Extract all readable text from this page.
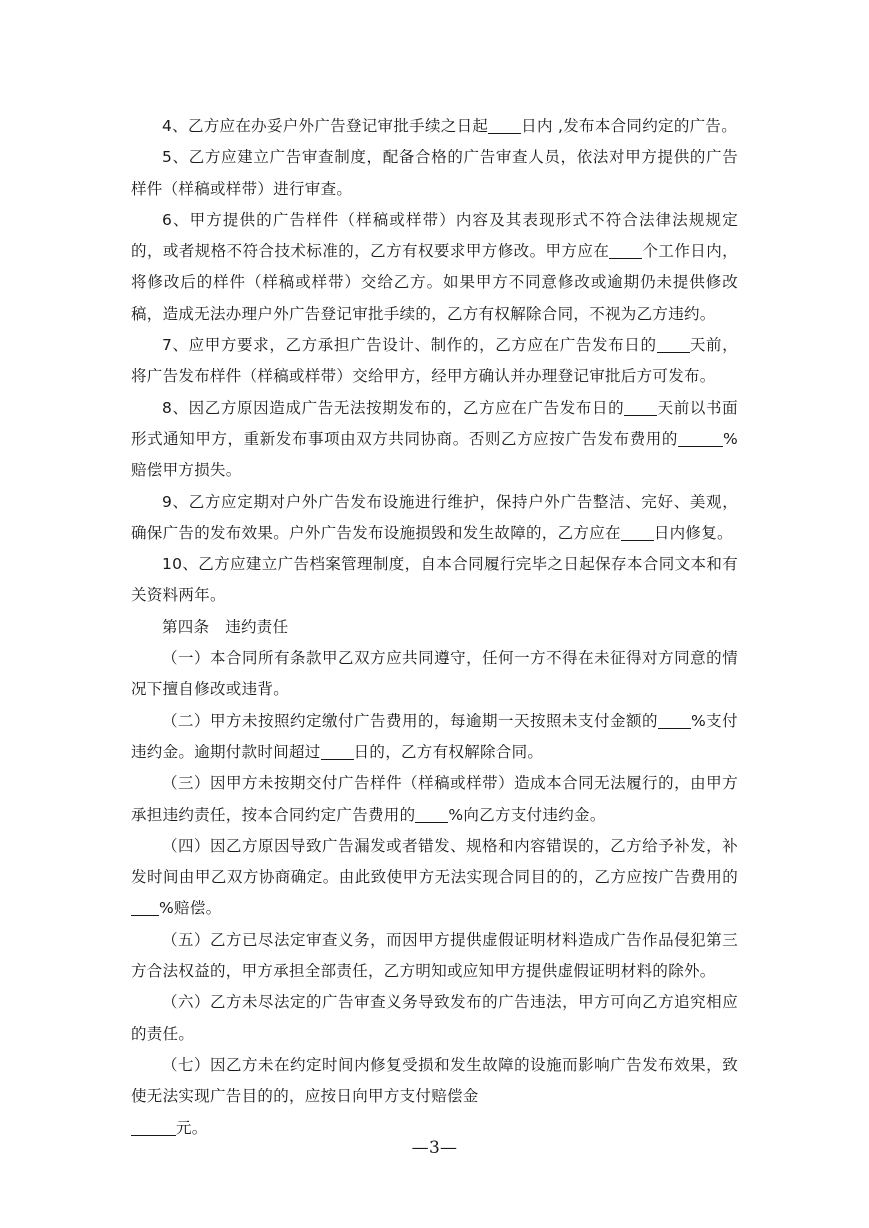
4、乙方应在办妥户外广告登记审批手续之日起 日内 ,发布本合同约定的广告。

5、乙方应建立广告审查制度，配备合格的广告审查人员，依法对甲方提供的广告样件（样稿或样带）进行审查。

6、甲方提供的广告样件（样稿或样带）内容及其表现形式不符合法律法规规定的，或者规格不符合技术标准的，乙方有权要求甲方修改。甲方应在 个工作日内，将修改后的样件（样稿或样带）交给乙方。如果甲方不同意修改或逾期仍未提供修改稿，造成无法办理户外广告登记审批手续的，乙方有权解除合同，不视为乙方违约。

7、应甲方要求，乙方承担广告设计、制作的，乙方应在广告发布日的 天前，将广告发布样件（样稿或样带）交给甲方，经甲方确认并办理登记审批后方可发布。

8、因乙方原因造成广告无法按期发布的，乙方应在广告发布日的 天前以书面形式通知甲方，重新发布事项由双方共同协商。否则乙方应按广告发布费用的	%赔偿甲方损失。

9、乙方应定期对户外广告发布设施进行维护，保持户外广告整洁、完好、美观，确保广告的发布效果。户外广告发布设施损毁和发生故障的，乙方应在 日内修复。

10、乙方应建立广告档案管理制度，自本合同履行完毕之日起保存本合同文本和有关资料两年。

第四条　违约责任

（一）本合同所有条款甲乙双方应共同遵守，任何一方不得在未征得对方同意的情况下擅自修改或违背。

（二）甲方未按照约定缴付广告费用的，每逾期一天按照未支付金额的 %支付违约金。逾期付款时间超过 日的，乙方有权解除合同。

（三）因甲方未按期交付广告样件（样稿或样带）造成本合同无法履行的，由甲方承担违约责任，按本合同约定广告费用的 %向乙方支付违约金。

（四）因乙方原因导致广告漏发或者错发、规格和内容错误的，乙方给予补发，补发时间由甲乙双方协商确定。由此致使甲方无法实现合同目的的，乙方应按广告费用的%赔偿。

（五）乙方已尽法定审查义务，而因甲方提供虚假证明材料造成广告作品侵犯第三方合法权益的，甲方承担全部责任，乙方明知或应知甲方提供虚假证明材料的除外。

（六）乙方未尽法定的广告审查义务导致发布的广告违法，甲方可向乙方追究相应的责任。

（七）因乙方未在约定时间内修复受损和发生故障的设施而影响广告发布效果，致使无法实现广告目的的，应按日向甲方支付赔偿金

元。

—3—
